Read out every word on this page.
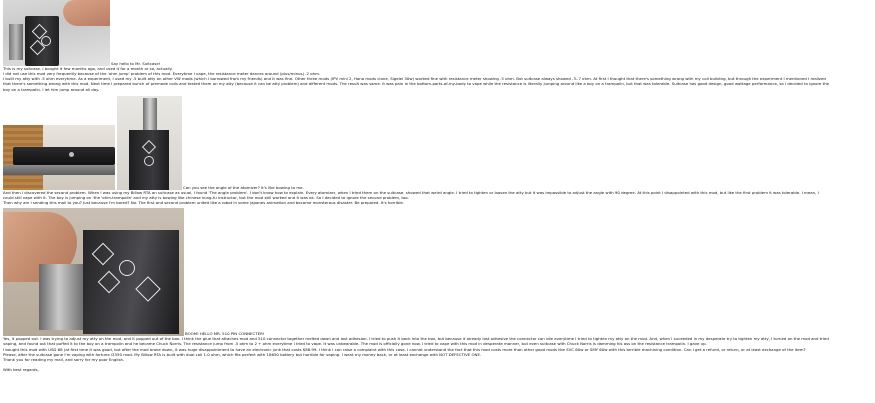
Say hello to Mr. Suitcase!
This is my suitcase. I bought it few months ago, and used it for a month or so, actually.
I did not use this mod very frequently because of the 'ohm jump' problem of this mod. Everytime I vape, the resistance meter dances around (plus/minus) .2 ohm.
I built my atty with .5 ohm everytime. As a experiment, I used my .5 built atty on other VW mods (which I borrowed from my friends) and it was fine. Other three mods (IPV mini 2, Hana mods clone, Sigelei 30w) worked fine with resistance meter showing .5 ohm. But suitcase always showed .3-.7 ohm. At first I thought that there's something wrong with my coil building, but through the experiment I mentioned I realized
that there's something wrong with this mod. Next time I prepared bunch of premade coils and tested them on my atty (because it can be atty problem) and different mods. The result was same. It was pain in the bottom-parts-of-my-body to vape while the resistance is literally jumping around like a boy on a trampolin, but that was tolerable. Suitcase has good design, good wattage performance, so I decided to ignore the
boy on a trampolin. I let him jump around all day.
Can you see the angle of the atomizer? It's like bowing to me.
And then I discovered the second problem. When I was using my Billow RTA on suitcase as usual, I found 'The angle problem'. I don't know how to explain. Every atomizer, when I tried them on the suitcase, showed that weird angle. I tried to tighten or loosen the atty but it was impossible to adjust the angle with 90 degree. At this point I disappointed with this mod, but like the first problem it was tolerable. I mean, I
could still vape with it. The boy is jumping on 'the 'ohm-trampolin' and my atty is bowing like chinese kung-fu instructor, but the mod still worked and it was ok. So I decided to ignore the second problem, too.
Then why am I sending this mail to you? Just because I'm bored? No. The first and second problem united like a robot in some japanes animation and became monsterous disaster. Be prepared. It's horrible.
BOOM! HELLO MR. 510 PIN CONNECTER!
Yes, it popped out. I was trying to adjust my atty on the mod, and it popped out of the box. I think the glue that attaches mod and 510 connector together melted down and lost adhesion. I tried to push it back into the box, but because it already lost adhesive the connector can idle everytime I tried to tighten my atty on the mod. And, when I suceeded in my desperate try to tighten my atty, I turned on the mod and tried
vaping, and found out that puffed it to the boy on a trampolin and he became Chuck Norris. The resistance jump from .5 ohm to 2 + ohm everytime I tried to vape. It was unbearable. The mod is officially gone now. I tried to vape with this mod in desperate manner, but even suitcase with Chuck Norris is damming his ass on the resistance trampolin. I gave up.
I bought this mod with USD 68 (at first time it was good, but after the mod broke down, it was huge disappointment to have an electronic junk that costs $88.99. I think I can raise a complaint with this case. I cannot understand the fact that this mod costs more than other good mods like SVC 60w or SMY 60w with this terrible machining condition. Can I get a refund, or return, or at least exchange of the item?
Please, after the suitcase gone I'm vaping with fortune i3350 mod. My Billow RTA is built with dual coil 1.0 ohm, which fits perfect with 18650 battery but horrible for vaping. I want my money back, or at least exchange with NOT DEFECTIVE ONE.
Thank you for reading my mail, and sorry for my poor English.
With best regards,
